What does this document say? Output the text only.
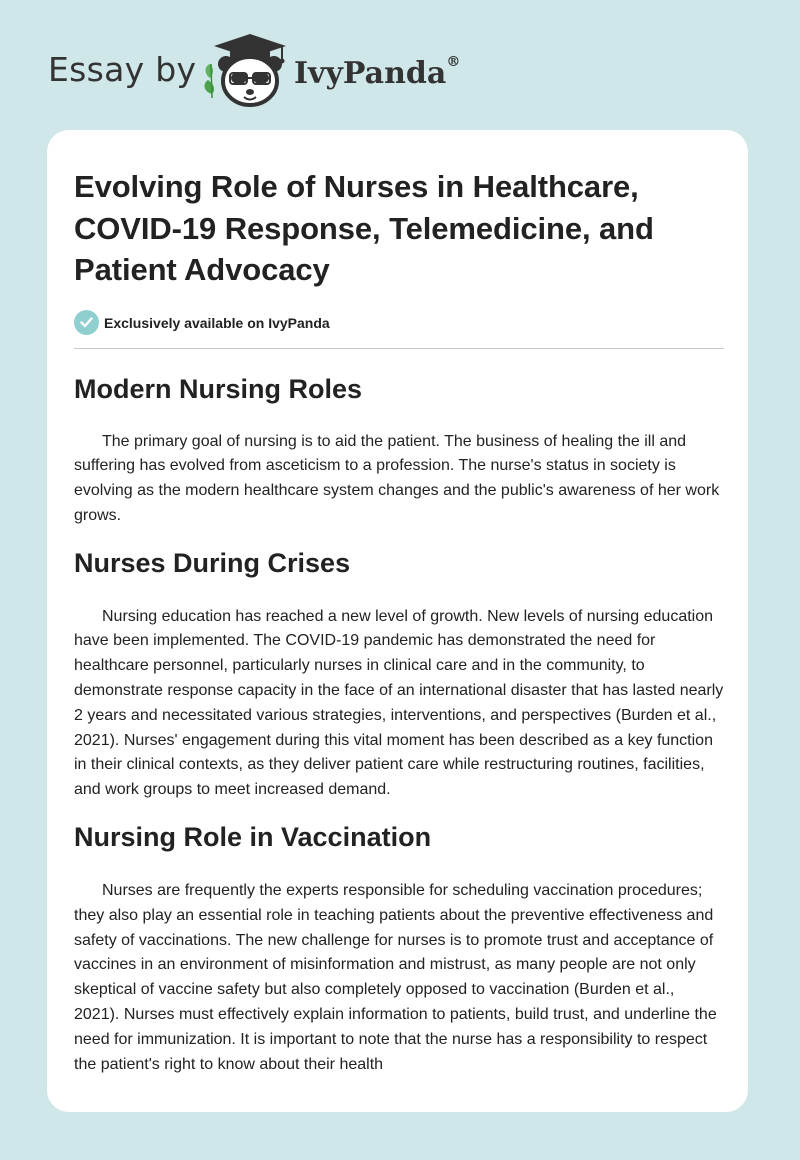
Essay by	IvyPanda®
Evolving Role of Nurses in Healthcare, COVID-19 Response, Telemedicine, and Patient Advocacy
Exclusively available on IvyPanda
Modern Nursing Roles

The primary goal of nursing is to aid the patient. The business of healing the ill and suffering has evolved from asceticism to a profession. The nurse's status in society is evolving as the modern healthcare system changes and the public's awareness of her work grows.

Nurses During Crises

Nursing education has reached a new level of growth. New levels of nursing education have been implemented. The COVID-19 pandemic has demonstrated the need for healthcare personnel, particularly nurses in clinical care and in the community, to demonstrate response capacity in the face of an international disaster that has lasted nearly 2 years and necessitated various strategies, interventions, and perspectives (Burden et al., 2021). Nurses' engagement during this vital moment has been described as a key function in their clinical contexts, as they deliver patient care while restructuring routines, facilities, and work groups to meet increased demand.

Nursing Role in Vaccination

Nurses are frequently the experts responsible for scheduling vaccination procedures; they also play an essential role in teaching patients about the preventive effectiveness and safety of vaccinations. The new challenge for nurses is to promote trust and acceptance of vaccines in an environment of misinformation and mistrust, as many people are not only skeptical of vaccine safety but also completely opposed to vaccination (Burden et al., 2021). Nurses must effectively explain information to patients, build trust, and underline the need for immunization. It is important to note that the nurse has a responsibility to respect the patient's right to know about their health
